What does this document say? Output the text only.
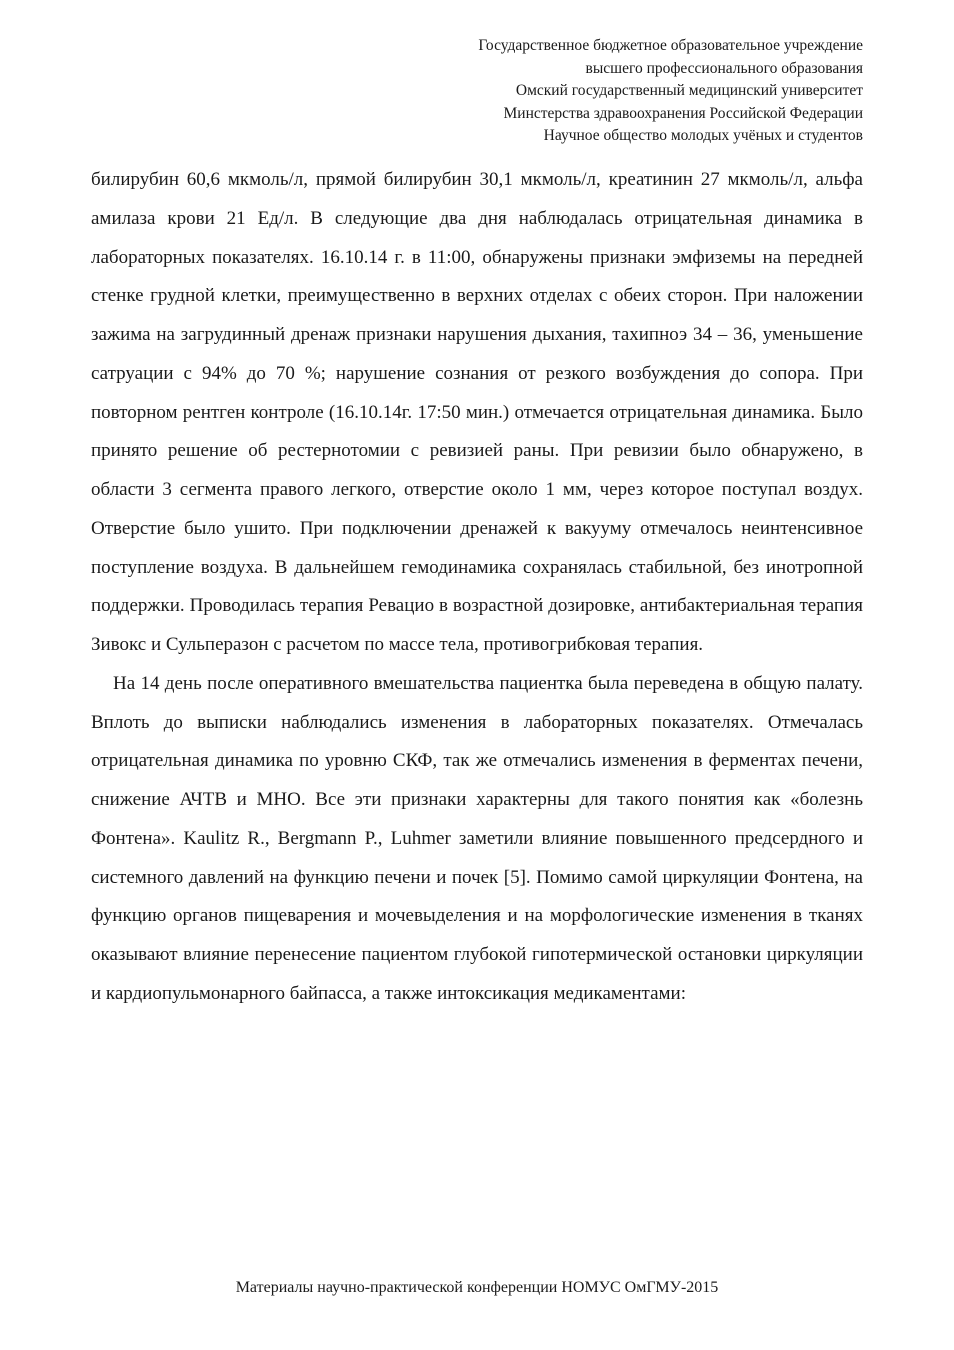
Государственное бюджетное образовательное учреждение
высшего профессионального образования
Омский государственный медицинский университет
Минстерства здравоохранения Российской Федерации
Научное общество молодых учёных и студентов

билирубин 60,6 мкмоль/л, прямой билирубин 30,1 мкмоль/л, креатинин 27 мкмоль/л, альфа амилаза крови 21 Ед/л. В следующие два дня наблюдалась отрицательная динамика в лабораторных показателях. 16.10.14 г. в 11:00, обнаружены признаки эмфиземы на передней стенке грудной клетки, преимущественно в верхних отделах с обеих сторон. При наложении зажима на загрудинный дренаж признаки нарушения дыхания, тахипноэ 34 – 36, уменьшение сатруации с 94% до 70 %; нарушение сознания от резкого возбуждения до сопора. При повторном рентген контроле (16.10.14г. 17:50 мин.) отмечается отрицательная динамика. Было принято решение об рестернотомии с ревизией раны. При ревизии было обнаружено, в области 3 сегмента правого легкого, отверстие около 1 мм, через которое поступал воздух. Отверстие было ушито. При подключении дренажей к вакууму отмечалось неинтенсивное поступление воздуха. В дальнейшем гемодинамика сохранялась стабильной, без инотропной поддержки. Проводилась терапия Ревацио в возрастной дозировке, антибактериальная терапия Зивокс и Сульперазон с расчетом по массе тела, противогрибковая терапия.

На 14 день после оперативного вмешательства пациентка была переведена в общую палату. Вплоть до выписки наблюдались изменения в лабораторных показателях. Отмечалась отрицательная динамика по уровню СКФ, так же отмечались изменения в ферментах печени, снижение АЧТВ и МНО. Все эти признаки характерны для такого понятия как «болезнь Фонтена». Kaulitz R., Bergmann P., Luhmer заметили влияние повышенного предсердного и системного давлений на функцию печени и почек [5]. Помимо самой циркуляции Фонтена, на функцию органов пищеварения и мочевыделения и на морфологические изменения в тканях оказывают влияние перенесение пациентом глубокой гипотермической остановки циркуляции и кардиопульмонарного байпасса, а также интоксикация медикаментами:

Материалы научно-практической конференции НОМУС ОмГМУ-2015
